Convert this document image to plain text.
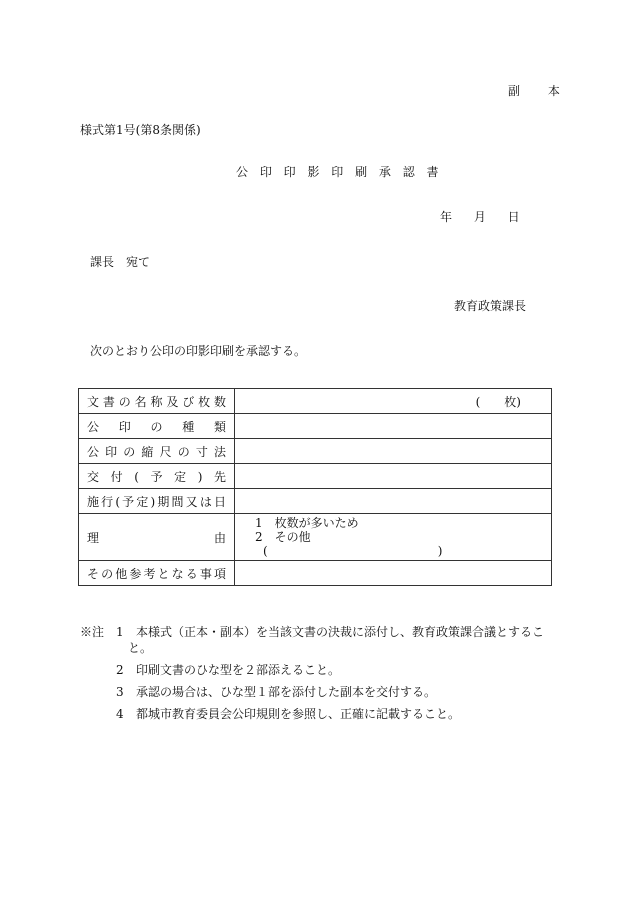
副 本
様式第1号(第8条関係)
公 印 印 影 印 刷 承 認 書
年 月 日
課長　宛て
教育政策課長
次のとおり公印の印影印刷を承認する。
文書の名称及び枚数	(　　枚)

公印の種類	
公印の縮尺の寸法	
交付(予定)先	
施行(予定)期間又は日	
理由	1　枚数が多いため
2　その他
( )

その他参考となる事項	
※注 1	本様式（正本・副本）を当該文書の決裁に添付し、教育政策課合議とするこ
と。
2	印刷文書のひな型を２部添えること。
3	承認の場合は、ひな型１部を添付した副本を交付する。
4	都城市教育委員会公印規則を参照し、正確に記載すること。
